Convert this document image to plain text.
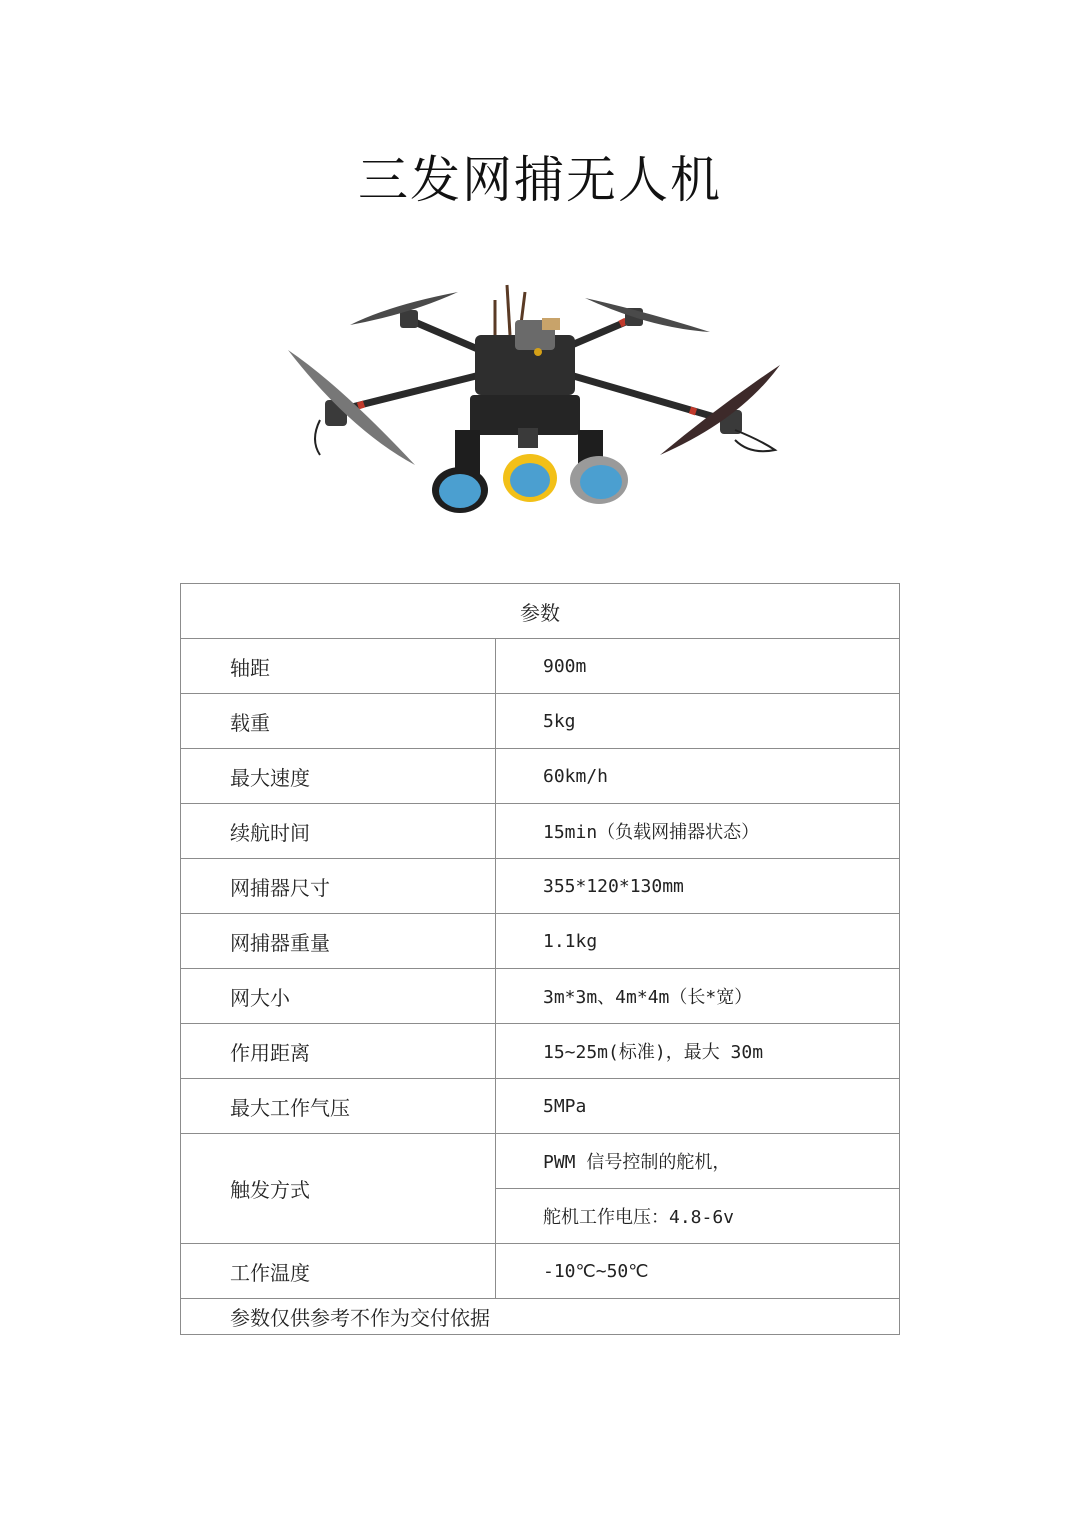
三发网捕无人机
参数	
轴距	900m
载重	5kg
最大速度	60km/h
续航时间	15min（负载网捕器状态）
网捕器尺寸	355*120*130mm
网捕器重量	1.1kg
网大小	3m*3m、4m*4m（长*宽）
作用距离	15~25m(标准)，最大 30m
最大工作气压	5MPa
触发方式	PWM 信号控制的舵机，
	舵机工作电压：4.8-6v
工作温度	-10℃~50℃
参数仅供参考不作为交付依据	
